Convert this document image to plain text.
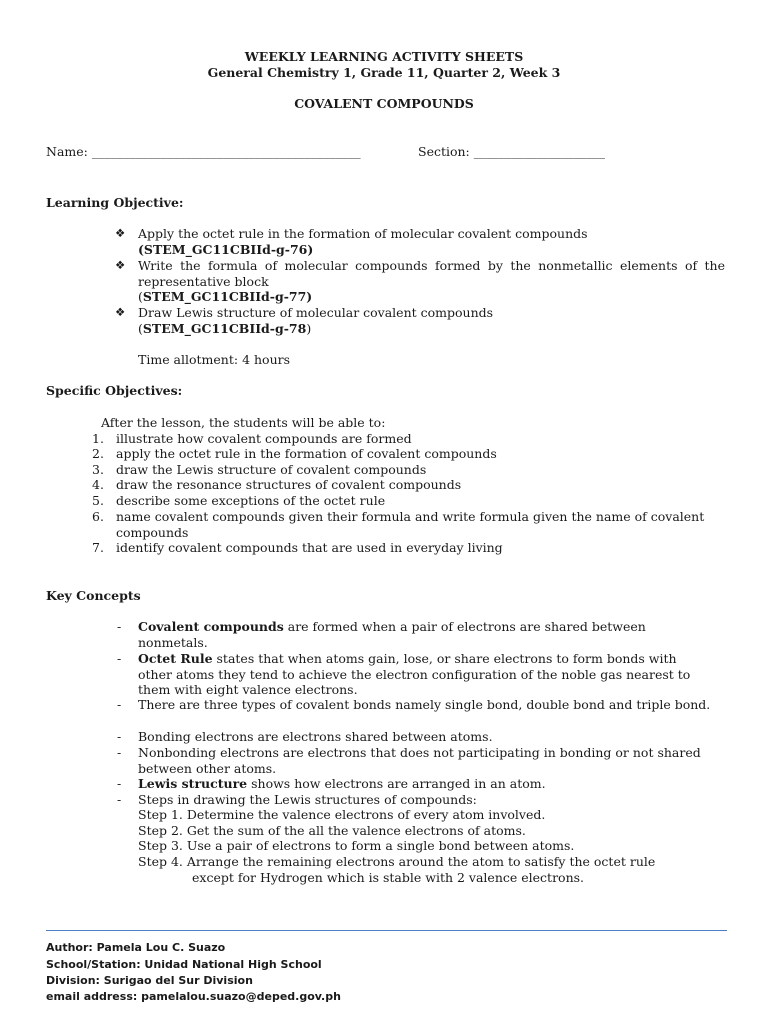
WEEKLY LEARNING ACTIVITY SHEETS
General Chemistry 1, Grade 11, Quarter 2, Week 3
COVALENT COMPOUNDS
Name: ___________________________________________	Section: _____________________
Learning Objective:
❖	Apply the octet rule in the formation of molecular covalent compounds
(STEM_GC11CBIId-g-76)
❖	Write the formula of molecular compounds formed by the nonmetallic elements of the representative block
(STEM_GC11CBIId-g-77)
❖	Draw Lewis structure of molecular covalent compounds
(STEM_GC11CBIId-g-78)
Time allotment: 4 hours
Specific Objectives:
After the lesson, the students will be able to:
1. illustrate how covalent compounds are formed
2. apply the octet rule in the formation of covalent compounds
3. draw the Lewis structure of covalent compounds
4. draw the resonance structures of covalent compounds
5. describe some exceptions of the octet rule
6. name covalent compounds given their formula and write formula given the name of covalent compounds
7. identify covalent compounds that are used in everyday living
Key Concepts
-	Covalent compounds are formed when a pair of electrons are shared between nonmetals.
-	Octet Rule states that when atoms gain, lose, or share electrons to form bonds with other atoms they tend to achieve the electron configuration of the noble gas nearest to them with eight valence electrons.
-	There are three types of covalent bonds namely single bond, double bond and triple bond.
-	Bonding electrons are electrons shared between atoms.
-	Nonbonding electrons are electrons that does not participating in bonding or not shared between other atoms.
-	Lewis structure shows how electrons are arranged in an atom.
-	Steps in drawing the Lewis structures of compounds:
Step 1. Determine the valence electrons of every atom involved.
Step 2. Get the sum of the all the valence electrons of atoms.
Step 3. Use a pair of electrons to form a single bond between atoms.
Step 4. Arrange the remaining electrons around the atom to satisfy the octet rule
except for Hydrogen which is stable with 2 valence electrons.
Author: Pamela Lou C. Suazo
School/Station: Unidad National High School
Division: Surigao del Sur Division
email address: pamelalou.suazo@deped.gov.ph
